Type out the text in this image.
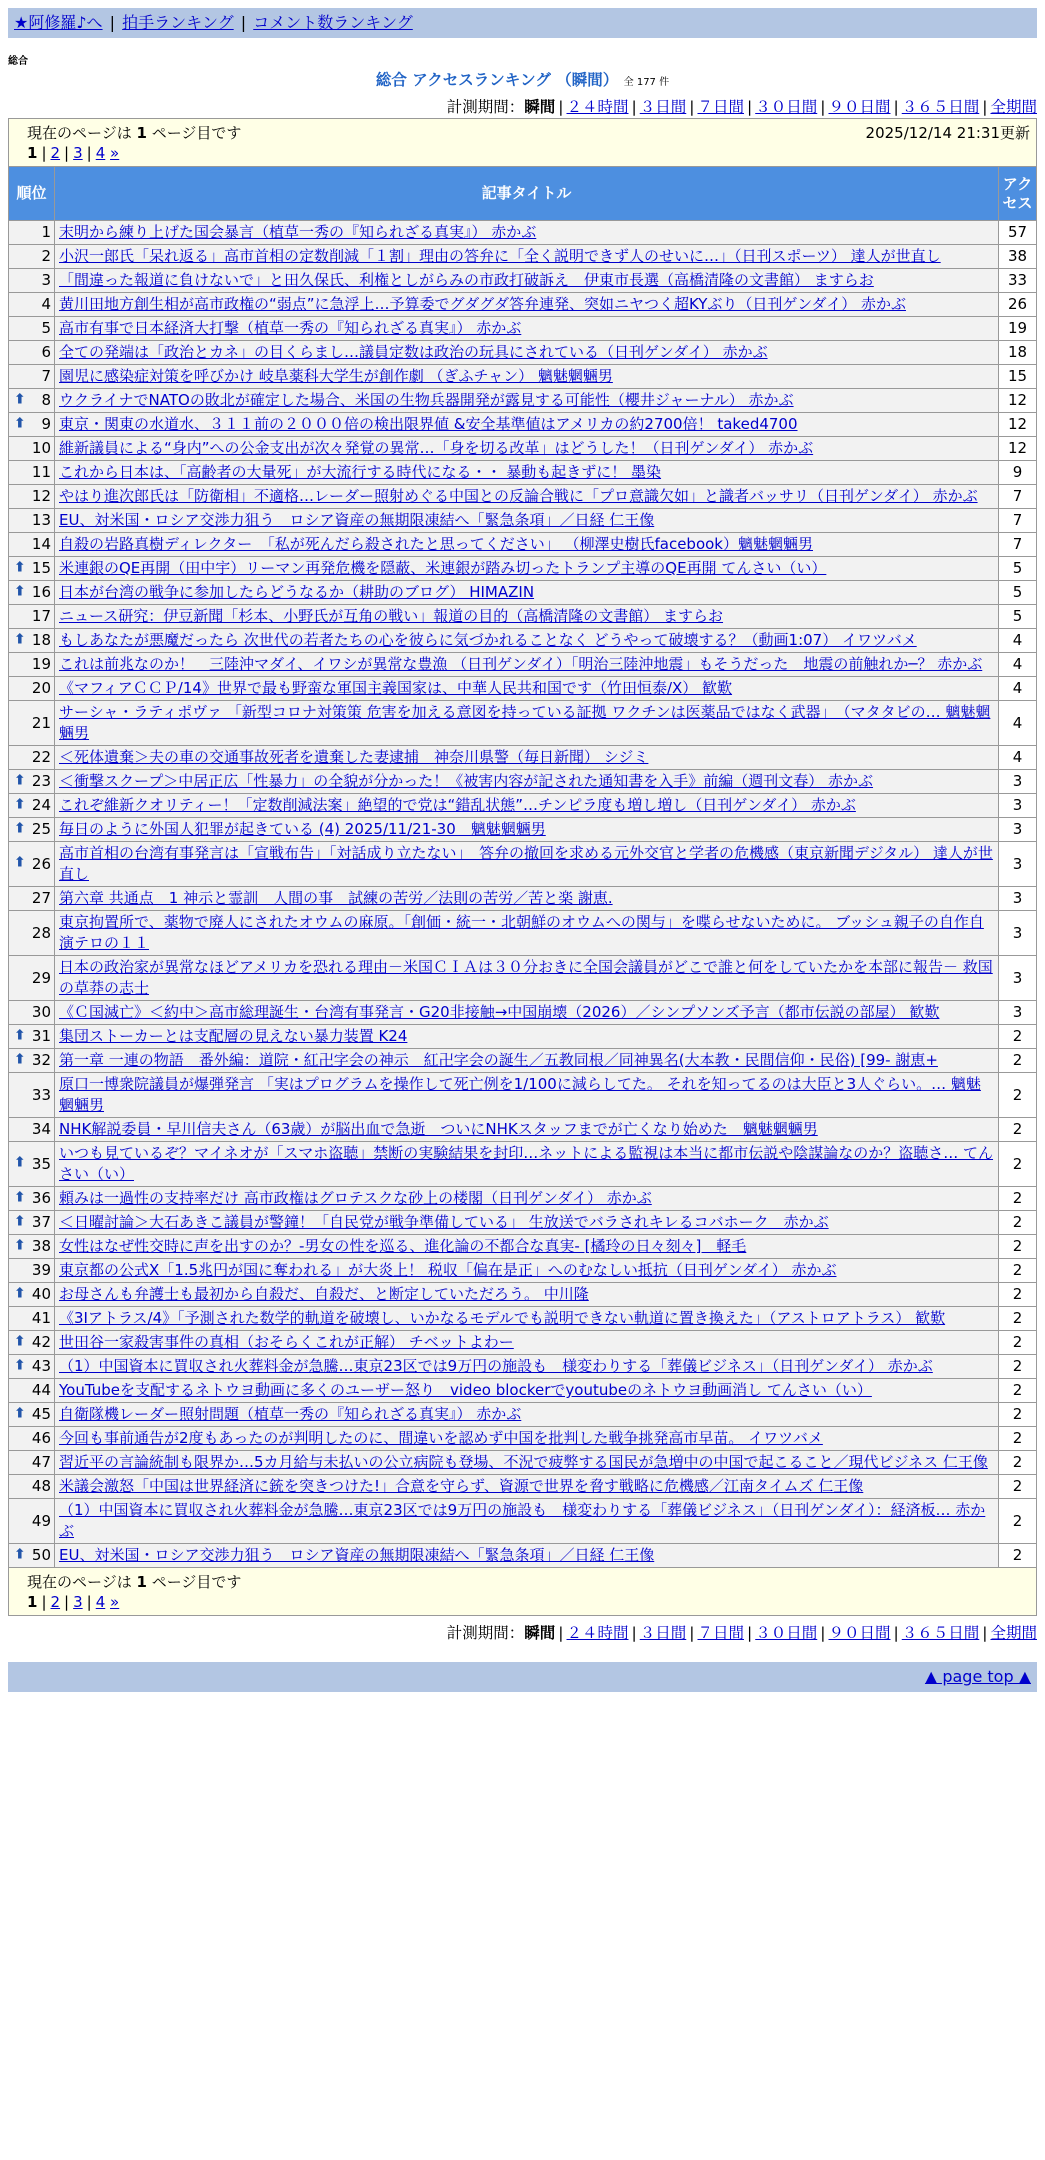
★阿修羅♪へ | 拍手ランキング | コメント数ランキング
総合
総合 アクセスランキング （瞬間） 全 177 件
計測期間：瞬間 | ２４時間 | ３日間 | ７日間 | ３０日間 | ９０日間 | ３６５日間 | 全期間
現在のページは 1 ページ目です	2025/12/14 21:31更新
1 | 2 | 3 | 4 »
順位	記事タイトル	アクセス
1	末明から練り上げた国会暴言（植草一秀の『知られざる真実』） 赤かぶ	57
2	小沢一郎氏「呆れ返る」高市首相の定数削減「１割」理由の答弁に「全く説明できず人のせいに…」（日刊スポーツ） 達人が世直し	38
3	「間違った報道に負けないで」と田久保氏、利権としがらみの市政打破訴え　伊東市長選（高橋清隆の文書館） ますらお	33
4	黄川田地方創生相が高市政権の“弱点”に急浮上…予算委でグダグダ答弁連発、突如ニヤつく超KYぶり（日刊ゲンダイ） 赤かぶ	26
5	高市有事で日本経済大打撃（植草一秀の『知られざる真実』） 赤かぶ	19
6	全ての発端は「政治とカネ」の目くらまし…議員定数は政治の玩具にされている（日刊ゲンダイ） 赤かぶ	18
7	園児に感染症対策を呼びかけ 岐阜薬科大学生が創作劇 （ぎふチャン） 魑魅魍魎男	15

⬆ 8	ウクライナでNATOの敗北が確定した場合、米国の生物兵器開発が露見する可能性（櫻井ジャーナル） 赤かぶ	12

⬆ 9	東京・関東の水道水、３１１前の２０００倍の検出限界値 &安全基準値はアメリカの約2700倍！ taked4700	12
10	維新議員による“身内”への公金支出が次々発覚の異常…「身を切る改革」はどうした！（日刊ゲンダイ） 赤かぶ	12
11	これから日本は、「高齢者の大量死」が大流行する時代になる・・ 暴動も起きずに！ 墨染	9
12	やはり進次郎氏は「防衛相」不適格…レーダー照射めぐる中国との反論合戦に「プロ意識欠如」と識者バッサリ（日刊ゲンダイ） 赤かぶ	7
13	EU、対米国・ロシア交渉力狙う　ロシア資産の無期限凍結へ「緊急条項」／日経 仁王像	7
14	自殺の岩路真樹ディレクター　「私が死んだら殺されたと思ってください」 （柳澤史樹氏facebook）魑魅魍魎男	7

⬆ 15	米連銀のQE再開（田中宇）リーマン再発危機を隠蔽、米連銀が踏み切ったトランプ主導のQE再開 てんさい（い）	5

⬆ 16	日本が台湾の戦争に参加したらどうなるか（耕助のブログ） HIMAZIN	5
17	ニュース研究：伊豆新聞「杉本、小野氏が互角の戦い」報道の目的（高橋清隆の文書館） ますらお	5

⬆ 18	もしあなたが悪魔だったら 次世代の若者たちの心を彼らに気づかれることなく どうやって破壊する？（動画1:07） イワツバメ	4
19	これは前兆なのか！　三陸沖マダイ、イワシが異常な豊漁 （日刊ゲンダイ）「明治三陸沖地震」もそうだった　地震の前触れか─？ 赤かぶ	4
20	《マフィアＣＣＰ/14》世界で最も野蛮な軍国主義国家は、中華人民共和国です（竹田恒泰/X） 歓歎	4
21	サーシャ・ラティポヴァ 「新型コロナ対策策 危害を加える意図を持っている証拠 ワクチンは医薬品ではなく武器」　（マタタビの… 魑魅魍魎男	4
22	＜死体遺棄＞夫の車の交通事故死者を遺棄した妻逮捕　神奈川県警（毎日新聞） シジミ	4

⬆ 23	＜衝撃スクープ＞中居正広「性暴力」の全貌が分かった！《被害内容が記された通知書を入手》前編（週刊文春） 赤かぶ	3

⬆ 24	これぞ維新クオリティー！「定数削減法案」絶望的で党は“錯乱状態”…チンピラ度も増し増し（日刊ゲンダイ） 赤かぶ	3

⬆ 25	毎日のように外国人犯罪が起きている (4) 2025/11/21-30　魑魅魍魎男	3

⬆ 26	高市首相の台湾有事発言は「宣戦布告」「対話成り立たない」　答弁の撤回を求める元外交官と学者の危機感（東京新聞デジタル） 達人が世直し	3
27	第六章 共通点　1 神示と霊訓　人間の事　試練の苦労／法則の苦労／苦と楽 謝恵.	3
28	東京拘置所で、薬物で廃人にされたオウムの麻原。「創価・統一・北朝鮮のオウムへの関与」を喋らせないために。 ブッシュ親子の自作自演テロの１１	3
29	日本の政治家が異常なほどアメリカを恐れる理由－米国ＣＩＡは３０分おきに全国会議員がどこで誰と何をしていたかを本部に報告－ 救国の草莽の志士	3
30	《Ｃ国滅亡》＜約中＞高市総理誕生・台湾有事発言・G20非接触→中国崩壊（2026）／シンプソンズ予言（都市伝説の部屋） 歓歎	3

⬆ 31	集団ストーカーとは支配層の見えない暴力装置 K24	2

⬆ 32	第一章 一連の物語　番外編：道院・紅卍字会の神示　紅卍字会の誕生／五教同根／同神異名(大本教・民間信仰・民俗) [99- 謝恵+	2
33	原口一博衆院議員が爆弾発言 「実はプログラムを操作して死亡例を1/100に減らしてた。 それを知ってるのは大臣と3人ぐらい。… 魑魅魍魎男	2
34	NHK解説委員・早川信夫さん（63歳）が脳出血で急逝　ついにNHKスタッフまでが亡くなり始めた　魑魅魍魎男	2

⬆ 35	いつも見ているぞ？マイネオが「スマホ盗聴」禁断の実験結果を封印…ネットによる監視は本当に都市伝説や陰謀論なのか？盗聴さ… てんさい（い）	2

⬆ 36	頼みは一過性の支持率だけ 高市政権はグロテスクな砂上の楼閣（日刊ゲンダイ） 赤かぶ	2

⬆ 37	＜日曜討論＞大石あきこ議員が警鐘！「自民党が戦争準備している」 生放送でバラされキレるコバホーク　赤かぶ	2

⬆ 38	女性はなぜ性交時に声を出すのか？-男女の性を巡る、進化論の不都合な真実- [橘玲の日々刻々]　軽毛	2
39	東京都の公式X「1.5兆円が国に奪われる」が大炎上！ 税収「偏在是正」へのむなしい抵抗（日刊ゲンダイ） 赤かぶ	2

⬆ 40	お母さんも弁護士も最初から自殺だ、自殺だ、と断定していただろう。 中川隆	2
41	《3Iアトラス/4》「予測された数学的軌道を破壊し、いかなるモデルでも説明できない軌道に置き換えた」（アストロアトラス） 歓歎	2

⬆ 42	世田谷一家殺害事件の真相（おそらくこれが正解） チベットよわー	2

⬆ 43	（1）中国資本に買収され火葬料金が急騰…東京23区では9万円の施設も　様変わりする「葬儀ビジネス」（日刊ゲンダイ） 赤かぶ	2
44	YouTubeを支配するネトウヨ動画に多くのユーザー怒り　video blockerでyoutubeのネトウヨ動画消し てんさい（い）	2

⬆ 45	自衛隊機レーダー照射問題（植草一秀の『知られざる真実』） 赤かぶ	2
46	今回も事前通告が2度もあったのが判明したのに、間違いを認めず中国を批判した戦争挑発高市早苗。 イワツバメ	2
47	習近平の言論統制も限界か…5カ月給与未払いの公立病院も登場、不況で疲弊する国民が急増中の中国で起こること／現代ビジネス 仁王像	2
48	米議会激怒「中国は世界経済に銃を突きつけた!」合意を守らず、資源で世界を脅す戦略に危機感／江南タイムズ 仁王像	2
49	（1）中国資本に買収され火葬料金が急騰…東京23区では9万円の施設も　様変わりする「葬儀ビジネス」（日刊ゲンダイ）：経済板… 赤かぶ	2

⬆ 50	EU、対米国・ロシア交渉力狙う　ロシア資産の無期限凍結へ「緊急条項」／日経 仁王像	2
現在のページは 1 ページ目です
1 | 2 | 3 | 4 »
計測期間：瞬間 | ２４時間 | ３日間 | ７日間 | ３０日間 | ９０日間 | ３６５日間 | 全期間
▲ page top ▲
